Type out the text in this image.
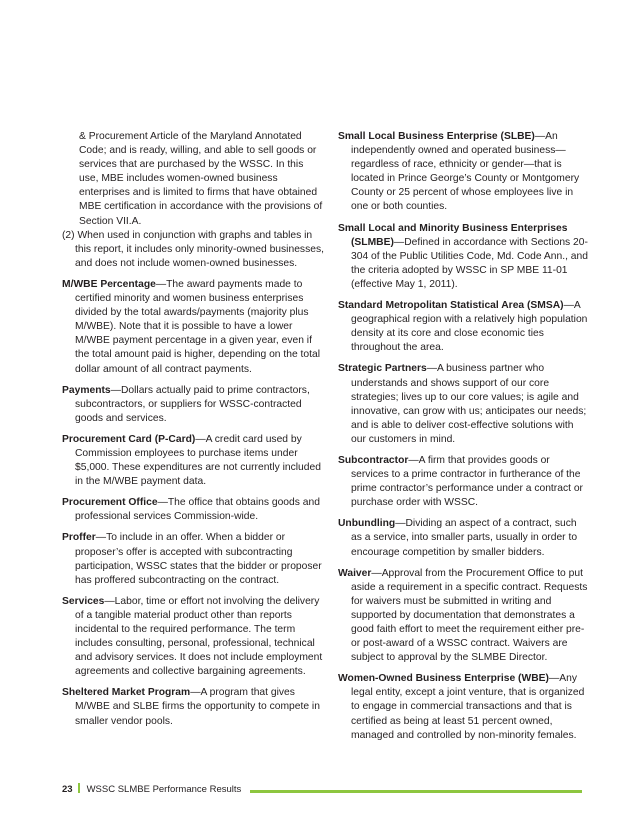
& Procurement Article of the Maryland Annotated Code; and is ready, willing, and able to sell goods or services that are purchased by the WSSC. In this use, MBE includes women-owned business enterprises and is limited to firms that have obtained MBE certification in accordance with the provisions of Section VII.A.

(2) When used in conjunction with graphs and tables in this report, it includes only minority-owned businesses, and does not include women-owned businesses.

M/WBE Percentage—The award payments made to certified minority and women business enterprises divided by the total awards/payments (majority plus M/WBE). Note that it is possible to have a lower M/WBE payment percentage in a given year, even if the total amount paid is higher, depending on the total dollar amount of all contract payments.

Payments—Dollars actually paid to prime contractors, subcontractors, or suppliers for WSSC-contracted goods and services.

Procurement Card (P-Card)—A credit card used by Commission employees to purchase items under $5,000. These expenditures are not currently included in the M/WBE payment data.

Procurement Office—The office that obtains goods and professional services Commission-wide.

Proffer—To include in an offer. When a bidder or proposer’s offer is accepted with subcontracting participation, WSSC states that the bidder or proposer has proffered subcontracting on the contract.

Services—Labor, time or effort not involving the delivery of a tangible material product other than reports incidental to the required performance. The term includes consulting, personal, professional, technical and advisory services. It does not include employment agreements and collective bargaining agreements.

Sheltered Market Program—A program that gives M/WBE and SLBE firms the opportunity to compete in smaller vendor pools.

Small Local Business Enterprise (SLBE)—An independently owned and operated business—regardless of race, ethnicity or gender—that is located in Prince George’s County or Montgomery County or 25 percent of whose employees live in one or both counties.

Small Local and Minority Business Enterprises (SLMBE)—Defined in accordance with Sections 20-304 of the Public Utilities Code, Md. Code Ann., and the criteria adopted by WSSC in SP MBE 11-01 (effective May 1, 2011).

Standard Metropolitan Statistical Area (SMSA)—A geographical region with a relatively high population density at its core and close economic ties throughout the area.

Strategic Partners—A business partner who understands and shows support of our core strategies; lives up to our core values; is agile and innovative, can grow with us; anticipates our needs; and is able to deliver cost-effective solutions with our customers in mind.

Subcontractor—A firm that provides goods or services to a prime contractor in furtherance of the prime contractor’s performance under a contract or purchase order with WSSC.

Unbundling—Dividing an aspect of a contract, such as a service, into smaller parts, usually in order to encourage competition by smaller bidders.

Waiver—Approval from the Procurement Office to put aside a requirement in a specific contract. Requests for waivers must be submitted in writing and supported by documentation that demonstrates a good faith effort to meet the requirement either pre- or post-award of a WSSC contract. Waivers are subject to approval by the SLMBE Director.

Women-Owned Business Enterprise (WBE)—Any legal entity, except a joint venture, that is organized to engage in commercial transactions and that is certified as being at least 51 percent owned, managed and controlled by non-minority females.

23 WSSC SLMBE Performance Results
